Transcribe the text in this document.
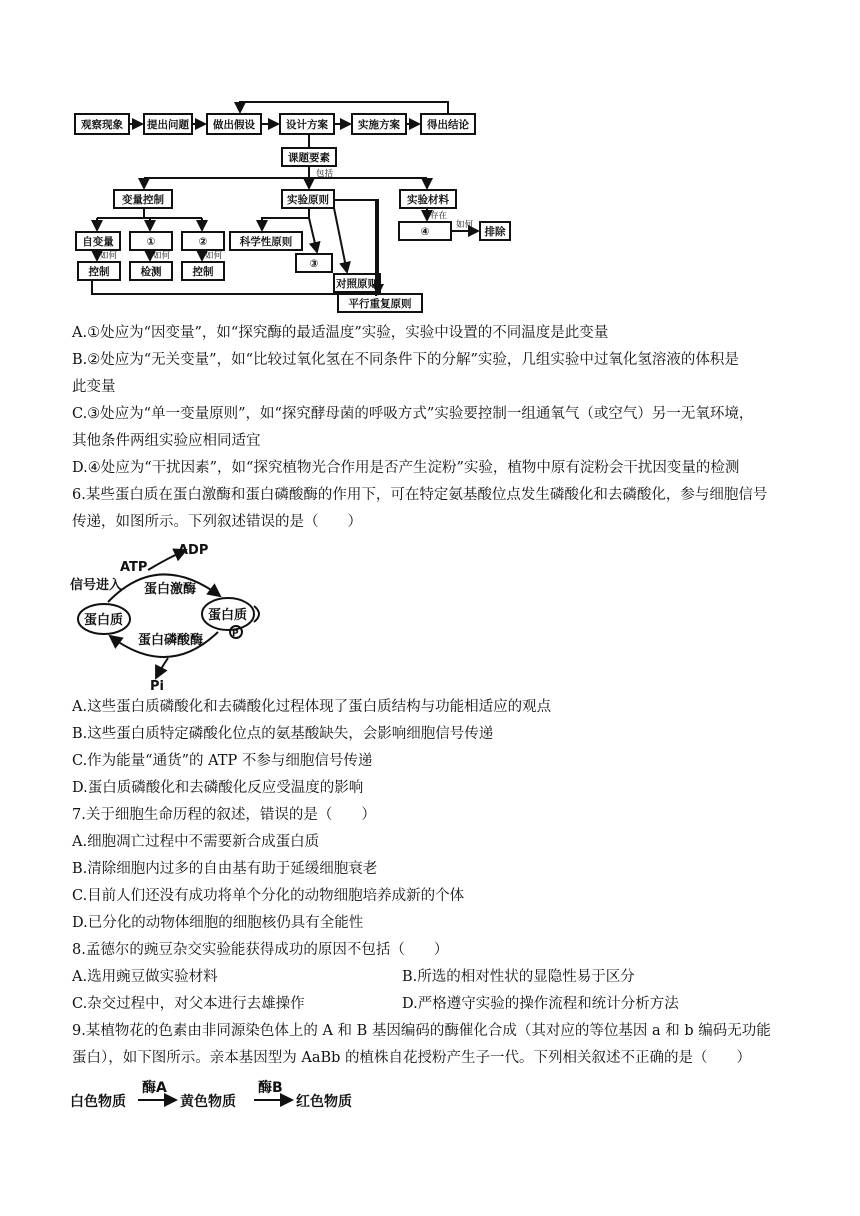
观察现象 提出问题 做出假设	设计方案	实施方案	得出结论
课题要素
变量控制	实验原则	实验材料
自变量	①	②
控制	检测	控制
科学性原则
③
对照原则
平行重复原则
④	排除
包括
如何	如何	如何
存在
如何
A.①处应为“因变量”，如“探究酶的最适温度”实验，实验中设置的不同温度是此变量
B.②处应为“无关变量”，如“比较过氧化氢在不同条件下的分解”实验，几组实验中过氧化氢溶液的体积是
此变量
C.③处应为“单一变量原则”，如“探究酵母菌的呼吸方式”实验要控制一组通氧气（或空气）另一无氧环境，
其他条件两组实验应相同适宜
D.④处应为“干扰因素”，如“探究植物光合作用是否产生淀粉”实验，植物中原有淀粉会干扰因变量的检测
6.某些蛋白质在蛋白激酶和蛋白磷酸酶的作用下，可在特定氨基酸位点发生磷酸化和去磷酸化，参与细胞信号
传递，如图所示。下列叙述错误的是（　　）
ADP
ATP
信号进入 蛋白激酶
蛋白质	蛋白质
P
蛋白磷酸酶
Pi
A.这些蛋白质磷酸化和去磷酸化过程体现了蛋白质结构与功能相适应的观点
B.这些蛋白质特定磷酸化位点的氨基酸缺失，会影响细胞信号传递
C.作为能量“通货”的 ATP 不参与细胞信号传递
D.蛋白质磷酸化和去磷酸化反应受温度的影响
7.关于细胞生命历程的叙述，错误的是（　　）
A.细胞凋亡过程中不需要新合成蛋白质
B.清除细胞内过多的自由基有助于延缓细胞衰老
C.目前人们还没有成功将单个分化的动物细胞培养成新的个体
D.已分化的动物体细胞的细胞核仍具有全能性
8.孟德尔的豌豆杂交实验能获得成功的原因不包括（　　）
A.选用豌豆做实验材料	B.所选的相对性状的显隐性易于区分
C.杂交过程中，对父本进行去雄操作	D.严格遵守实验的操作流程和统计分析方法
9.某植物花的色素由非同源染色体上的 A 和 B 基因编码的酶催化合成（其对应的等位基因 a 和 b 编码无功能
蛋白），如下图所示。亲本基因型为 AaBb 的植株自花授粉产生子一代。下列相关叙述不正确的是（　　）
白色物质
酶A
黄色物质
酶B
红色物质
